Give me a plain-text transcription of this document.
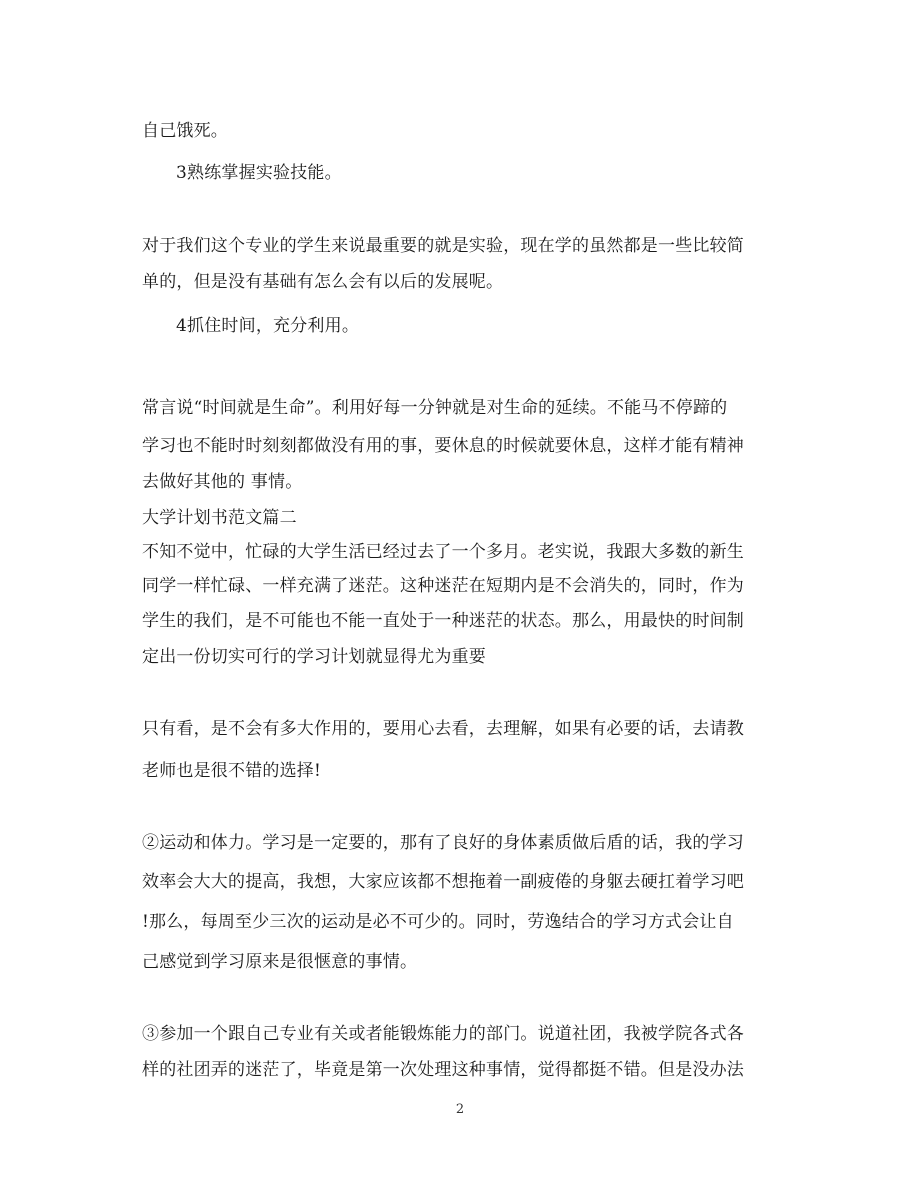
自己饿死。
3熟练掌握实验技能。
对于我们这个专业的学生来说最重要的就是实验，现在学的虽然都是一些比较简
单的，但是没有基础有怎么会有以后的发展呢。
4抓住时间，充分利用。
常言说“时间就是生命”。利用好每一分钟就是对生命的延续。不能马不停蹄的
学习也不能时时刻刻都做没有用的事，要休息的时候就要休息，这样才能有精神
去做好其他的 事情。
大学计划书范文篇二
不知不觉中，忙碌的大学生活已经过去了一个多月。老实说，我跟大多数的新生
同学一样忙碌、一样充满了迷茫。这种迷茫在短期内是不会消失的，同时，作为
学生的我们，是不可能也不能一直处于一种迷茫的状态。那么，用最快的时间制
定出一份切实可行的学习计划就显得尤为重要
只有看，是不会有多大作用的，要用心去看，去理解，如果有必要的话，去请教
老师也是很不错的选择!
②运动和体力。学习是一定要的，那有了良好的身体素质做后盾的话，我的学习
效率会大大的提高，我想，大家应该都不想拖着一副疲倦的身躯去硬扛着学习吧
!那么，每周至少三次的运动是必不可少的。同时，劳逸结合的学习方式会让自
己感觉到学习原来是很惬意的事情。
③参加一个跟自己专业有关或者能锻炼能力的部门。说道社团，我被学院各式各
样的社团弄的迷茫了，毕竟是第一次处理这种事情，觉得都挺不错。但是没办法
2
